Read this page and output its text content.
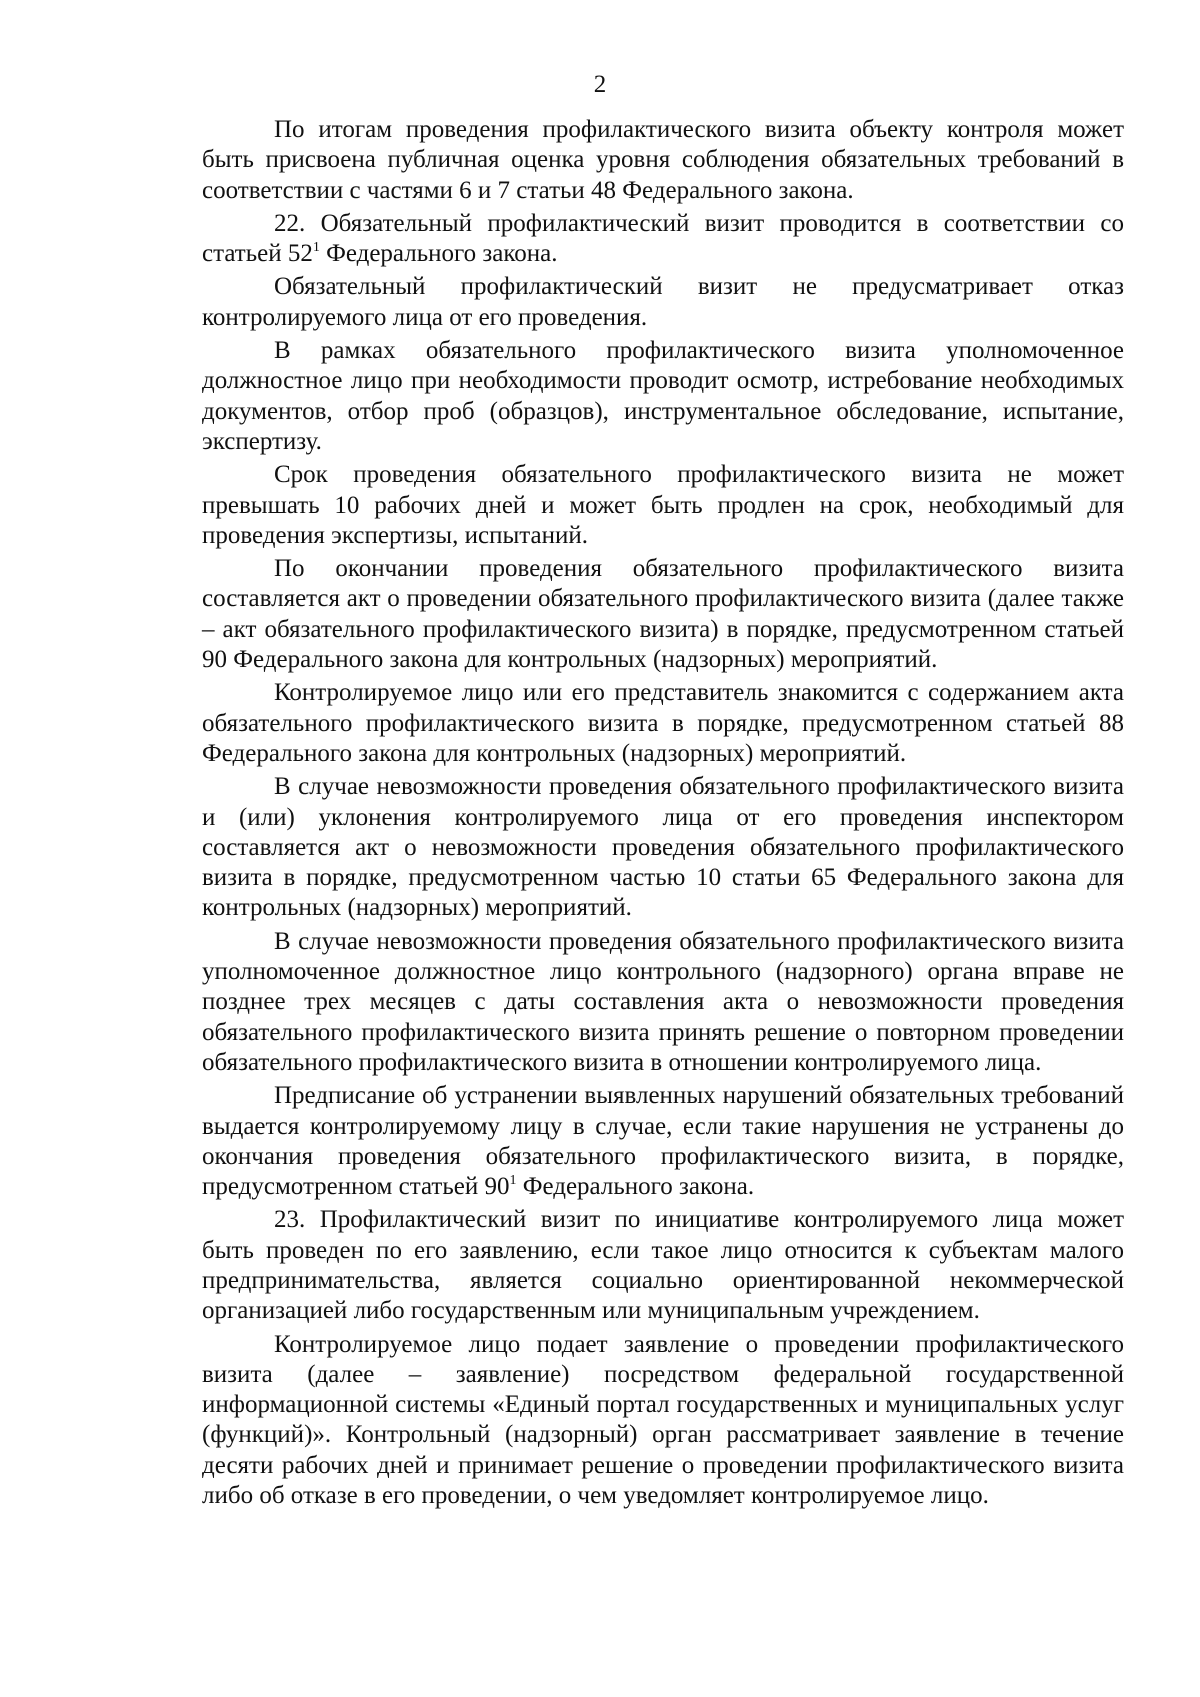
2

По итогам проведения профилактического визита объекту контроля может быть присвоена публичная оценка уровня соблюдения обязательных требований в соответствии с частями 6 и 7 статьи 48 Федерального закона.

22. Обязательный профилактический визит проводится в соответствии со статьей $52^1$ Федерального закона.

Обязательный профилактический визит не предусматривает отказ контролируемого лица от его проведения.

В рамках обязательного профилактического визита уполномоченное должностное лицо при необходимости проводит осмотр, истребование необходимых документов, отбор проб (образцов), инструментальное обследование, испытание, экспертизу.

Срок проведения обязательного профилактического визита не может превышать 10 рабочих дней и может быть продлен на срок, необходимый для проведения экспертизы, испытаний.

По окончании проведения обязательного профилактического визита составляется акт о проведении обязательного профилактического визита (далее также – акт обязательного профилактического визита) в порядке, предусмотренном статьей 90 Федерального закона для контрольных (надзорных) мероприятий.

Контролируемое лицо или его представитель знакомится с содержанием акта обязательного профилактического визита в порядке, предусмотренном статьей 88 Федерального закона для контрольных (надзорных) мероприятий.

В случае невозможности проведения обязательного профилактического визита и (или) уклонения контролируемого лица от его проведения инспектором составляется акт о невозможности проведения обязательного профилактического визита в порядке, предусмотренном частью 10 статьи 65 Федерального закона для контрольных (надзорных) мероприятий.

В случае невозможности проведения обязательного профилактического визита уполномоченное должностное лицо контрольного (надзорного) органа вправе не позднее трех месяцев с даты составления акта о невозможности проведения обязательного профилактического визита принять решение о повторном проведении обязательного профилактического визита в отношении контролируемого лица.

Предписание об устранении выявленных нарушений обязательных требований выдается контролируемому лицу в случае, если такие нарушения не устранены до окончания проведения обязательного профилактического визита, в порядке, предусмотренном статьей $90^1$ Федерального закона.

23. Профилактический визит по инициативе контролируемого лица может быть проведен по его заявлению, если такое лицо относится к субъектам малого предпринимательства, является социально ориентированной некоммерческой организацией либо государственным или муниципальным учреждением.

Контролируемое лицо подает заявление о проведении профилактического визита (далее – заявление) посредством федеральной государственной информационной системы «Единый портал государственных и муниципальных услуг (функций)». Контрольный (надзорный) орган рассматривает заявление в течение десяти рабочих дней и принимает решение о проведении профилактического визита либо об отказе в его проведении, о чем уведомляет контролируемое лицо.
